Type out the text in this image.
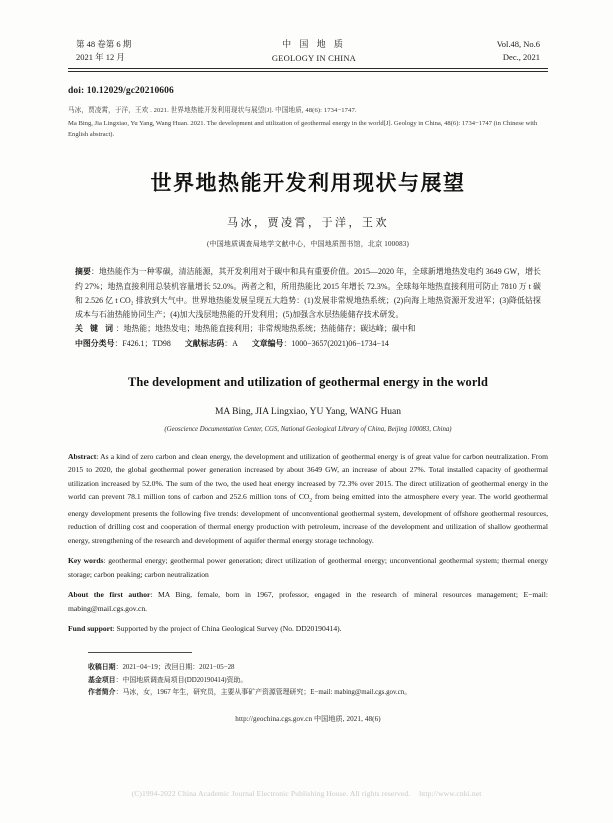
第 48 卷第 6 期
2021 年 12 月
中 国 地 质
GEOLOGY IN CHINA
Vol.48, No.6
Dec., 2021
doi: 10.12029/gc20210606
马冰，贾凌霄，于洋，王欢 . 2021. 世界地热能开发利用现状与展望[J]. 中国地质, 48(6): 1734−1747.
Ma Bing, Jia Lingxiao, Yu Yang, Wang Huan. 2021. The development and utilization of geothermal energy in the world[J]. Geology in China, 48(6): 1734−1747 (in Chinese with English abstract).
世界地热能开发利用现状与展望
马冰，贾凌霄，于洋，王欢
(中国地质调查局地学文献中心，中国地质图书馆，北京 100083)
摘要：地热能作为一种零碳，清洁能源，其开发利用对于碳中和具有重要价值。2015—2020 年，全球新增地热发电约 3649 GW，增长约 27%；地热直接利用总装机容量增长 52.0%。两者之和，所用热能比 2015 年增长 72.3%。全球每年地热直接利用可防止 7810 万 t 碳和 2.526 亿 t CO₂ 排放到大气中。世界地热能发展呈现五大趋势：(1)发展非常规地热系统；(2)向海上地热资源开发进军；(3)降低钻探成本与石油热能协同生产；(4)加大浅层地热能的开发利用；(5)加强含水层热能储存技术研发。
关 键 词：地热能；地热发电；地热能直接利用；非常规地热系统；热能储存；碳达峰；碳中和
中图分类号：F426.1；TD98 文献标志码：A 文章编号：1000−3657(2021)06−1734−14
The development and utilization of geothermal energy in the world
MA Bing, JIA Lingxiao, YU Yang, WANG Huan
(Geoscience Documentation Center, CGS, National Geological Library of China, Beijing 100083, China)
Abstract: As a kind of zero carbon and clean energy, the development and utilization of geothermal energy is of great value for carbon neutralization. From 2015 to 2020, the global geothermal power generation increased by about 3649 GW, an increase of about 27%. Total installed capacity of geothermal utilization increased by 52.0%. The sum of the two, the used heat energy increased by 72.3% over 2015. The direct utilization of geothermal energy in the world can prevent 78.1 million tons of carbon and 252.6 million tons of $CO_2$ from being emitted into the atmosphere every year. The world geothermal energy development presents the following five trends: development of unconventional geothermal system, development of offshore geothermal resources, reduction of drilling cost and cooperation of thermal energy production with petroleum, increase of the development and utilization of shallow geothermal energy, strengthening of the research and development of aquifer thermal energy storage technology.
Key words: geothermal energy; geothermal power generation; direct utilization of geothermal energy; unconventional geothermal system; thermal energy storage; carbon peaking; carbon neutralization
About the first author: MA Bing, female, born in 1967, professor, engaged in the research of mineral resources management; E−mail: mabing@mail.cgs.gov.cn.
Fund support: Supported by the project of China Geological Survey (No. DD20190414).
收稿日期：2021−04−19；改回日期：2021−05−28
基金项目：中国地质调查局项目(DD20190414)资助。
作者简介：马冰，女，1967 年生，研究员，主要从事矿产资源管理研究；E−mail: mabing@mail.cgs.gov.cn。
http://geochina.cgs.gov.cn 中国地质, 2021, 48(6)
(C)1994-2022 China Academic Journal Electronic Publishing House. All rights reserved. http://www.cnki.net
